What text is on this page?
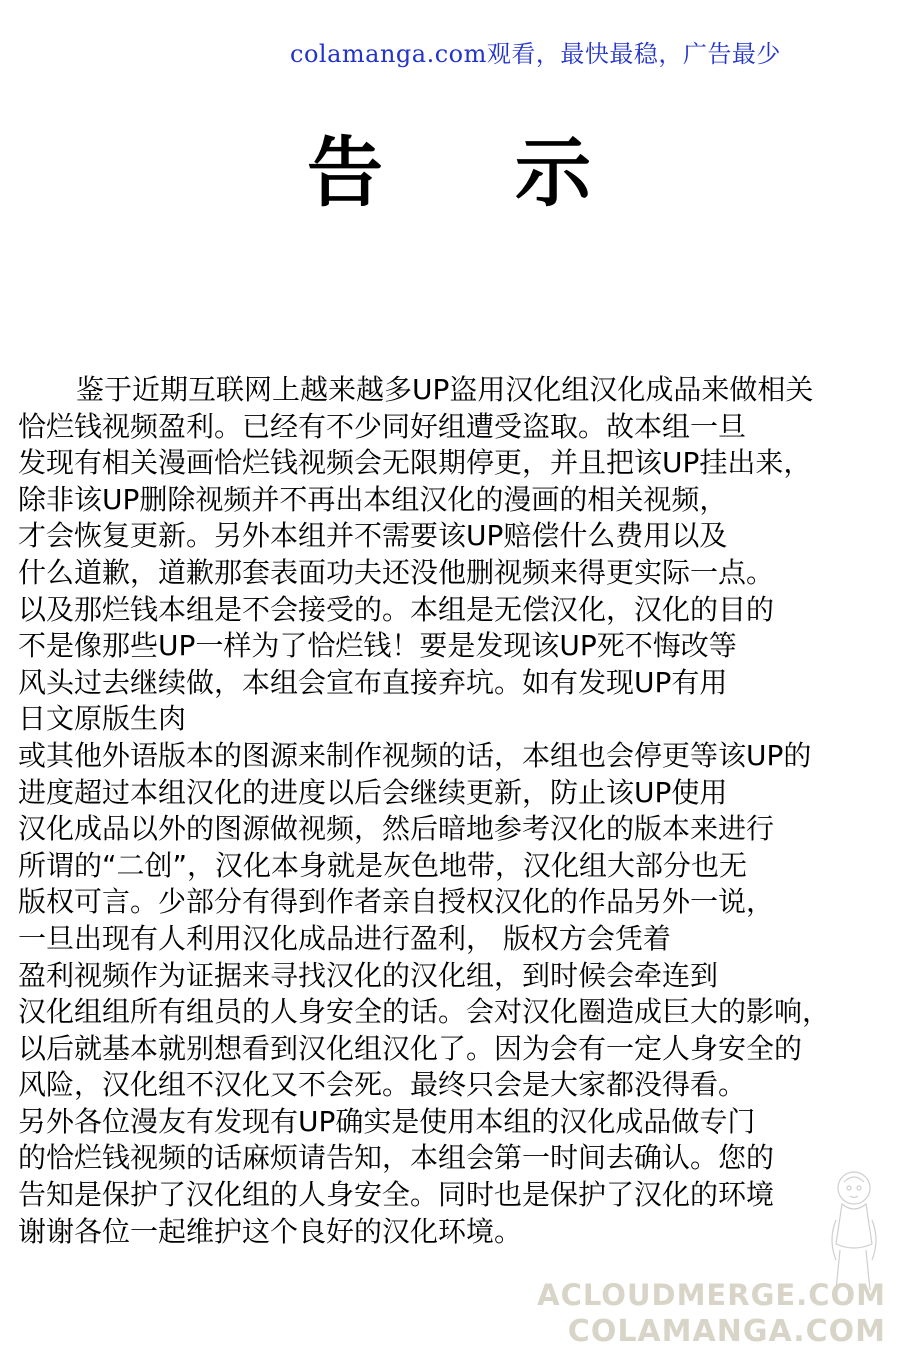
colamanga.com观看，最快最稳，广告最少
告 示
鉴于近期互联网上越来越多UP盗用汉化组汉化成品来做相关
恰烂钱视频盈利。已经有不少同好组遭受盗取。故本组一旦
发现有相关漫画恰烂钱视频会无限期停更，并且把该UP挂出来，
除非该UP删除视频并不再出本组汉化的漫画的相关视频，
才会恢复更新。另外本组并不需要该UP赔偿什么费用以及
什么道歉，道歉那套表面功夫还没他删视频来得更实际一点。
以及那烂钱本组是不会接受的。本组是无偿汉化，汉化的目的
不是像那些UP一样为了恰烂钱！要是发现该UP死不悔改等
风头过去继续做，本组会宣布直接弃坑。如有发现UP有用
日文原版生肉
或其他外语版本的图源来制作视频的话，本组也会停更等该UP的
进度超过本组汉化的进度以后会继续更新，防止该UP使用
汉化成品以外的图源做视频，然后暗地参考汉化的版本来进行
所谓的“二创”，汉化本身就是灰色地带，汉化组大部分也无
版权可言。少部分有得到作者亲自授权汉化的作品另外一说，
一旦出现有人利用汉化成品进行盈利， 版权方会凭着
盈利视频作为证据来寻找汉化的汉化组，到时候会牵连到
汉化组组所有组员的人身安全的话。会对汉化圈造成巨大的影响，
以后就基本就别想看到汉化组汉化了。因为会有一定人身安全的
风险，汉化组不汉化又不会死。最终只会是大家都没得看。
另外各位漫友有发现有UP确实是使用本组的汉化成品做专门
的恰烂钱视频的话麻烦请告知，本组会第一时间去确认。您的
告知是保护了汉化组的人身安全。同时也是保护了汉化的环境
谢谢各位一起维护这个良好的汉化环境。
ACLOUDMERGE.COM
COLAMANGA.COM
